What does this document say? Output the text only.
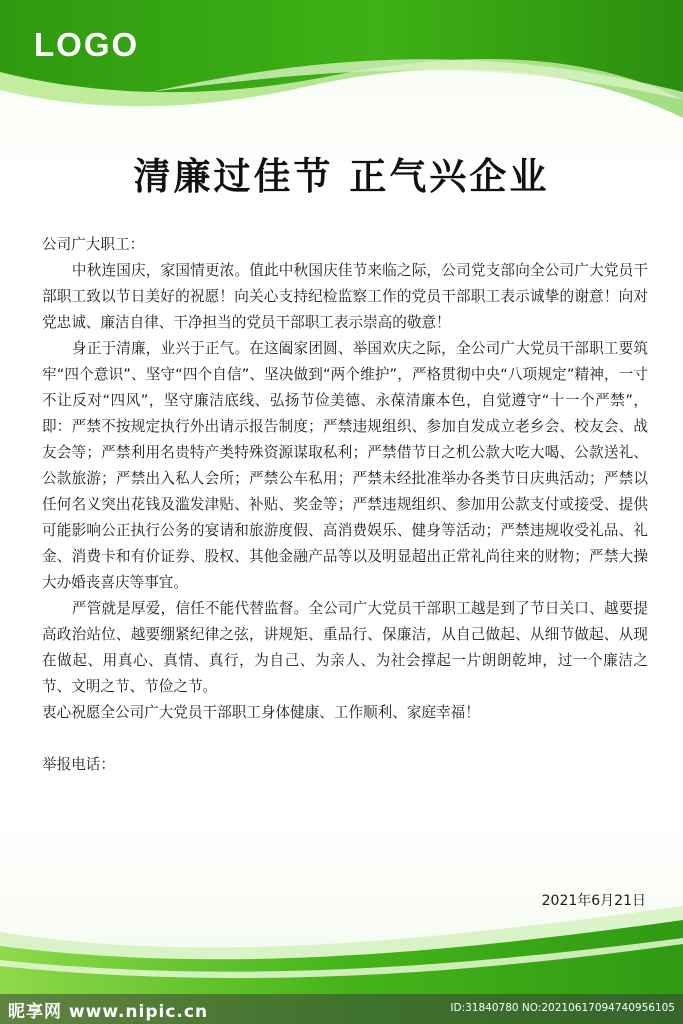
LOGO
清廉过佳节 正气兴企业

公司广大职工：

中秋连国庆，家国情更浓。值此中秋国庆佳节来临之际，公司党支部向全公司广大党员干部职工致以节日美好的祝愿！向关心支持纪检监察工作的党员干部职工表示诚挚的谢意！向对党忠诚、廉洁自律、干净担当的党员干部职工表示崇高的敬意！

身正于清廉，业兴于正气。在这阖家团圆、举国欢庆之际，全公司广大党员干部职工要筑牢“四个意识”、坚守“四个自信”、坚决做到“两个维护”，严格贯彻中央“八项规定”精神，一寸不让反对“四风”，坚守廉洁底线、弘扬节俭美德、永葆清廉本色，自觉遵守“十一个严禁”，即：严禁不按规定执行外出请示报告制度；严禁违规组织、参加自发成立老乡会、校友会、战友会等；严禁利用名贵特产类特殊资源谋取私利；严禁借节日之机公款大吃大喝、公款送礼、公款旅游；严禁出入私人会所；严禁公车私用；严禁未经批准举办各类节日庆典活动；严禁以任何名义突出花钱及滥发津贴、补贴、奖金等；严禁违规组织、参加用公款支付或接受、提供可能影响公正执行公务的宴请和旅游度假、高消费娱乐、健身等活动；严禁违规收受礼品、礼金、消费卡和有价证券、股权、其他金融产品等以及明显超出正常礼尚往来的财物；严禁大操大办婚丧喜庆等事宜。

严管就是厚爱，信任不能代替监督。全公司广大党员干部职工越是到了节日关口、越要提高政治站位、越要绷紧纪律之弦，讲规矩、重品行、保廉洁，从自己做起、从细节做起、从现在做起、用真心、真情、真行，为自己、为亲人、为社会撑起一片朗朗乾坤，过一个廉洁之节、文明之节、节俭之节。

衷心祝愿全公司广大党员干部职工身体健康、工作顺利、家庭幸福！

举报电话：

2021年6月21日
昵享网 www.nipic.cn	ID:31840780 NO:20210617094740956105
